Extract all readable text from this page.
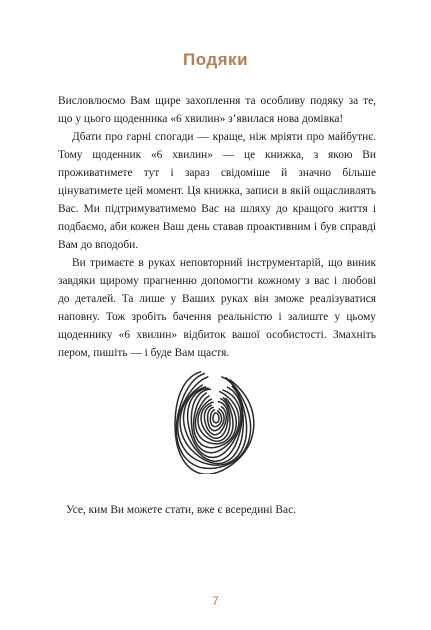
Подяки

Висловлюємо Вам щире захоплення та особливу подяку за те, що у цього щоденника «6 хвилин» з’явилася нова домівка!

Дбати про гарні спогади — краще, ніж мріяти про майбутнє. Тому щоденник «6 хвилин» — це книжка, з якою Ви проживатимете тут і зараз свідоміше й значно більше цінуватимете цей момент. Ця книжка, записи в якій ощасливлять Вас. Ми підтримуватимемо Вас на шляху до кращого життя і подбаємо, аби кожен Ваш день ставав проактивним і був справді Вам до вподоби.

Ви тримаєте в руках неповторний інструментарій, що виник завдяки щирому прагненню допомогти кожному з вас і любові до деталей. Та лише у Ваших руках він зможе реалізуватися наповну. Тож зробіть бачення реальністю і залиште у цьому щоденнику «6 хвилин» відбиток вашої особистості. Змахніть пером, пишіть — і буде Вам щастя.

Усе, ким Ви можете стати, вже є всередині Вас.
7
